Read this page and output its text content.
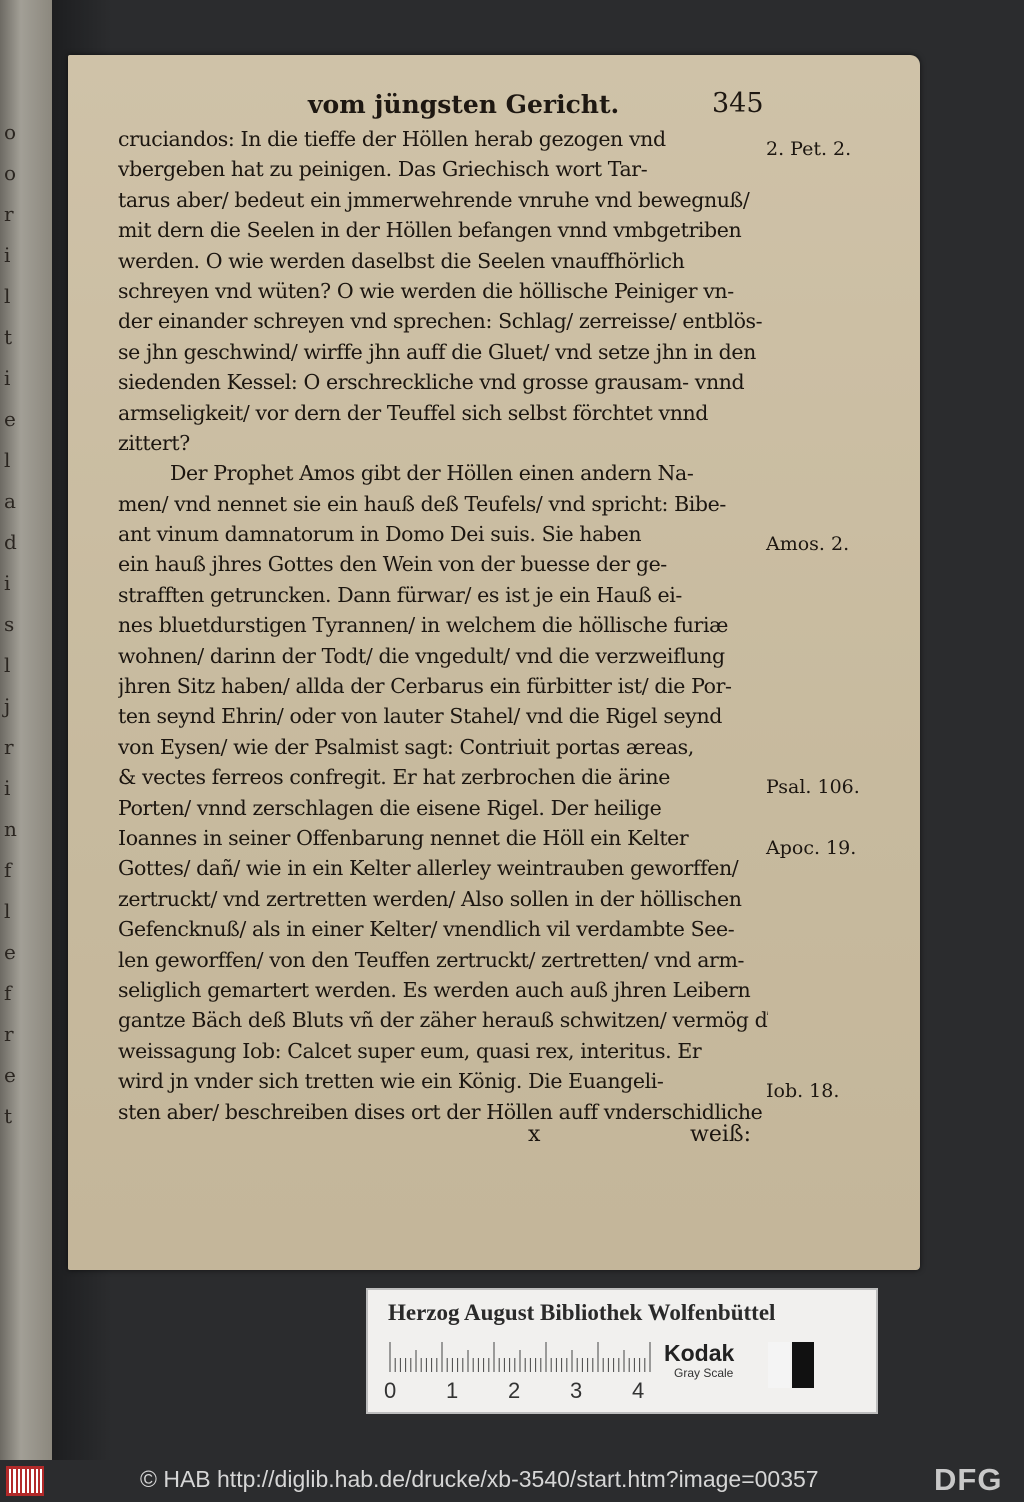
o
o
r
i
l
t
i
e
l
a
d
i
s
l
j
r
i
n
f
l
e
f
r
e
t
vom jüngsten Gericht.	345
cruciandos: In die tieffe der Höllen herab gezogen vnd
vbergeben hat zu peinigen. Das Griechisch wort Tar-
tarus aber/ bedeut ein jmmerwehrende vnruhe vnd bewegnuß/
mit dern die Seelen in der Höllen befangen vnnd vmbgetriben
werden. O wie werden daselbst die Seelen vnauffhörlich
schreyen vnd wüten? O wie werden die höllische Peiniger vn-
der einander schreyen vnd sprechen: Schlag/ zerreisse/ entblös-
se jhn geschwind/ wirffe jhn auff die Gluet/ vnd setze jhn in den
siedenden Kessel: O erschreckliche vnd grosse grausam- vnnd
armseligkeit/ vor dern der Teuffel sich selbst förchtet vnnd
zittert?
Der Prophet Amos gibt der Höllen einen andern Na-
men/ vnd nennet sie ein hauß deß Teufels/ vnd spricht: Bibe-
ant vinum damnatorum in Domo Dei suis. Sie haben
ein hauß jhres Gottes den Wein von der buesse der ge-
strafften getruncken. Dann fürwar/ es ist je ein Hauß ei-
nes bluetdurstigen Tyrannen/ in welchem die höllische furiæ
wohnen/ darinn der Todt/ die vngedult/ vnd die verzweiflung
jhren Sitz haben/ allda der Cerbarus ein fürbitter ist/ die Por-
ten seynd Ehrin/ oder von lauter Stahel/ vnd die Rigel seynd
von Eysen/ wie der Psalmist sagt: Contriuit portas æreas,
& vectes ferreos confregit. Er hat zerbrochen die ärine
Porten/ vnnd zerschlagen die eisene Rigel. Der heilige
Ioannes in seiner Offenbarung nennet die Höll ein Kelter
Gottes/ dañ/ wie in ein Kelter allerley weintrauben geworffen/
zertruckt/ vnd zertretten werden/ Also sollen in der höllischen
Gefencknuß/ als in einer Kelter/ vnendlich vil verdambte See-
len geworffen/ von den Teuffen zertruckt/ zertretten/ vnd arm-
seliglich gemartert werden. Es werden auch auß jhren Leibern
gantze Bäch deß Bluts vñ der zäher herauß schwitzen/ vermög ď
weissagung Iob: Calcet super eum, quasi rex, interitus. Er
wird jn vnder sich tretten wie ein König. Die Euangeli-
sten aber/ beschreiben dises ort der Höllen auff vnderschidliche
2. Pet. 2.
Amos. 2.
Psal. 106.
Apoc. 19.
Iob. 18.
x	weiß:
Herzog August Bibliothek Wolfenbüttel
0 1 2 3 4
Kodak
Gray Scale
© HAB http://diglib.hab.de/drucke/xb-3540/start.htm?image=00357	DFG
